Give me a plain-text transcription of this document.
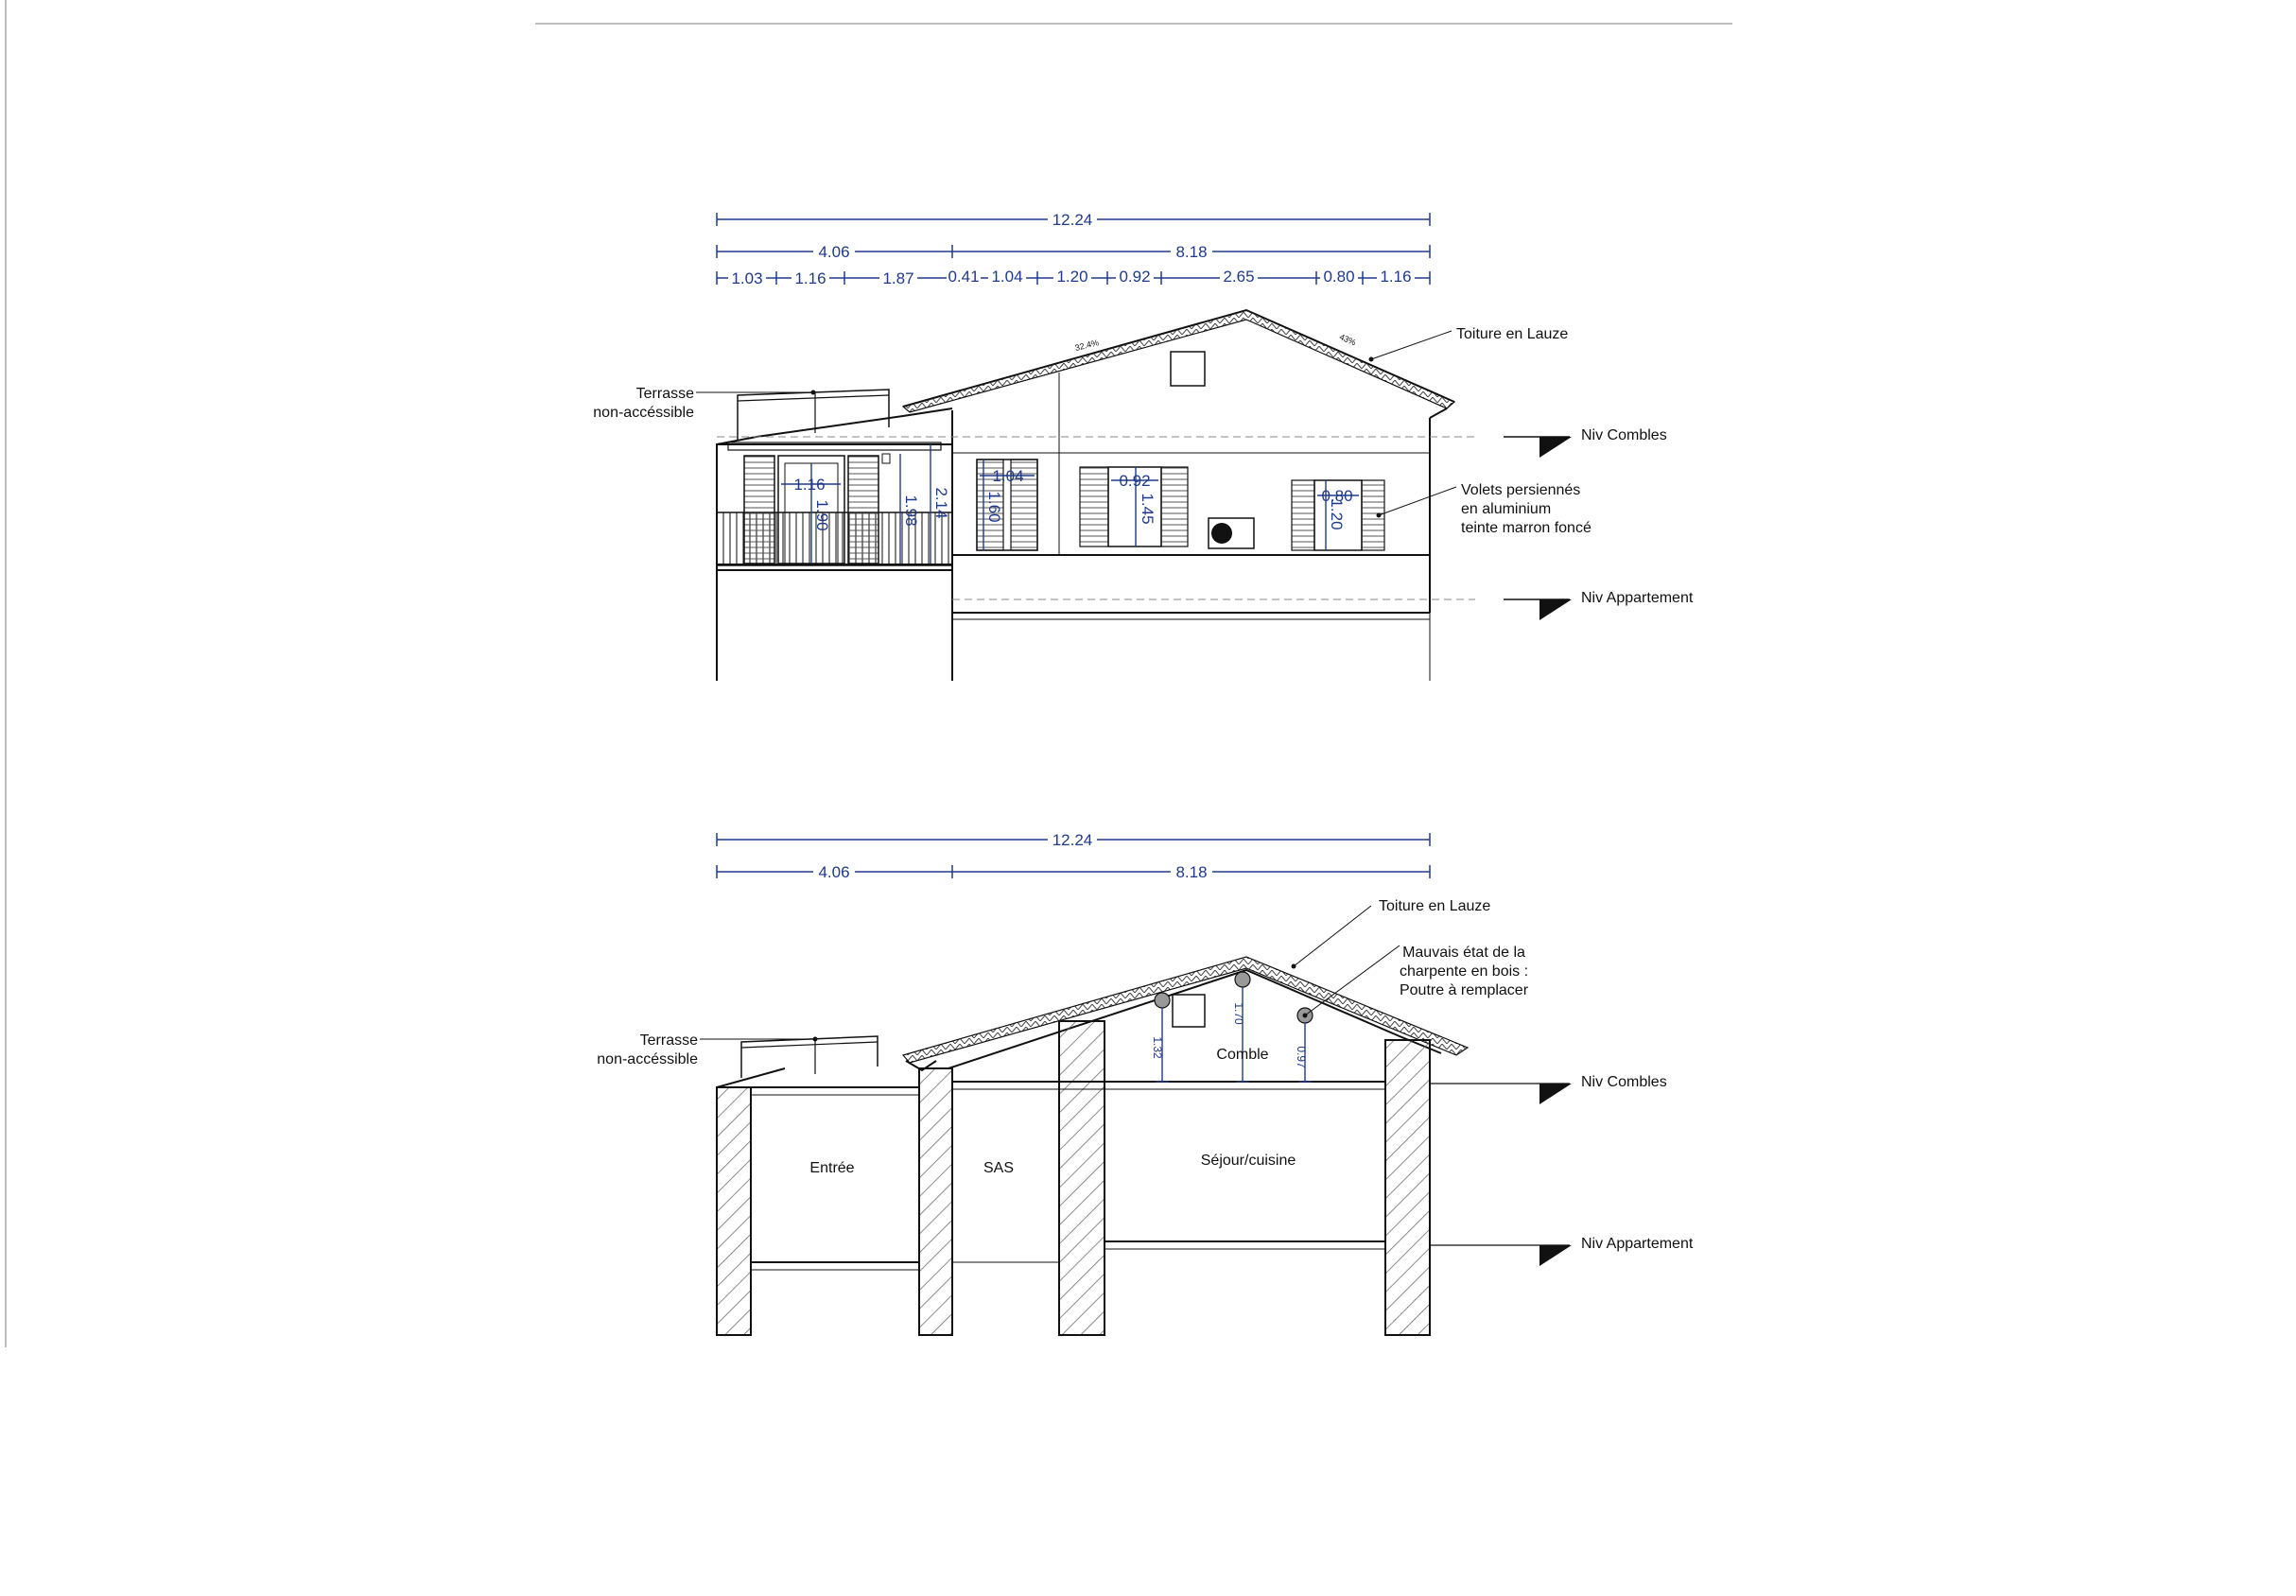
12.24
4.06	8.18
1.03 1.16	1.87 0.41 1.04 1.20 0.92	2.65	0.80 1.16
1.16
1.90	1.98 2.14
1.04
1.60
0.92
1.45	0.80
1.20
32.4%	43%
Terrasse
non-accéssible
Toiture en Lauze
Volets persiennés
en aluminium
teinte marron foncé
Niv Combles
Niv Appartement
12.24
4.06	8.18
1.32
1.70
0.97
Comble
Entrée	SAS	Séjour/cuisine
Terrasse
non-accéssible
Toiture en Lauze
Mauvais état de la
charpente en bois :
Poutre à remplacer
Niv Combles
Niv Appartement
